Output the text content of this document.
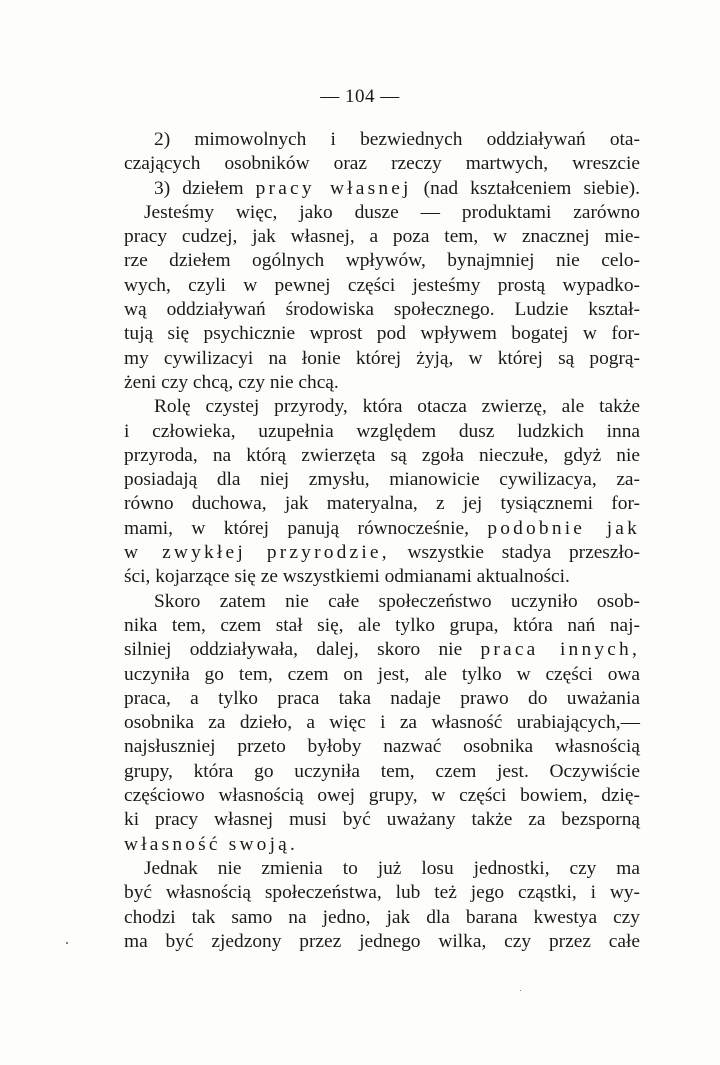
— 104 —
2) mimowolnych i bezwiednych oddziaływań ota-
czających osobników oraz rzeczy martwych, wreszcie
3) dziełem pracy własnej (nad kształceniem siebie).
Jesteśmy więc, jako dusze — produktami zarówno
pracy cudzej, jak własnej, a poza tem, w znacznej mie-
rze dziełem ogólnych wpływów, bynajmniej nie celo-
wych, czyli w pewnej części jesteśmy prostą wypadko-
wą oddziaływań środowiska społecznego. Ludzie kształ-
tują się psychicznie wprost pod wpływem bogatej w for-
my cywilizacyi na łonie której żyją, w której są pogrą-
żeni czy chcą, czy nie chcą.
Rolę czystej przyrody, która otacza zwierzę, ale także
i człowieka, uzupełnia względem dusz ludzkich inna
przyroda, na którą zwierzęta są zgoła nieczułe, gdyż nie
posiadają dla niej zmysłu, mianowicie cywilizacya, za-
równo duchowa, jak materyalna, z jej tysiącznemi for-
mami, w której panują równocześnie, podobnie jak
w zwykłej przyrodzie, wszystkie stadya przeszło-
ści, kojarzące się ze wszystkiemi odmianami aktualności.
Skoro zatem nie całe społeczeństwo uczyniło osob-
nika tem, czem stał się, ale tylko grupa, która nań naj-
silniej oddziaływała, dalej, skoro nie praca innych,
uczyniła go tem, czem on jest, ale tylko w części owa
praca, a tylko praca taka nadaje prawo do uważania
osobnika za dzieło, a więc i za własność urabiających,—
najsłuszniej przeto byłoby nazwać osobnika własnością
grupy, która go uczyniła tem, czem jest. Oczywiście
częściowo własnością owej grupy, w części bowiem, dzię-
ki pracy własnej musi być uważany także za bezsporną
własność swoją.
Jednak nie zmienia to już losu jednostki, czy ma
być własnością społeczeństwa, lub też jego cząstki, i wy-
chodzi tak samo na jedno, jak dla barana kwestya czy
ma być zjedzony przez jednego wilka, czy przez całe
